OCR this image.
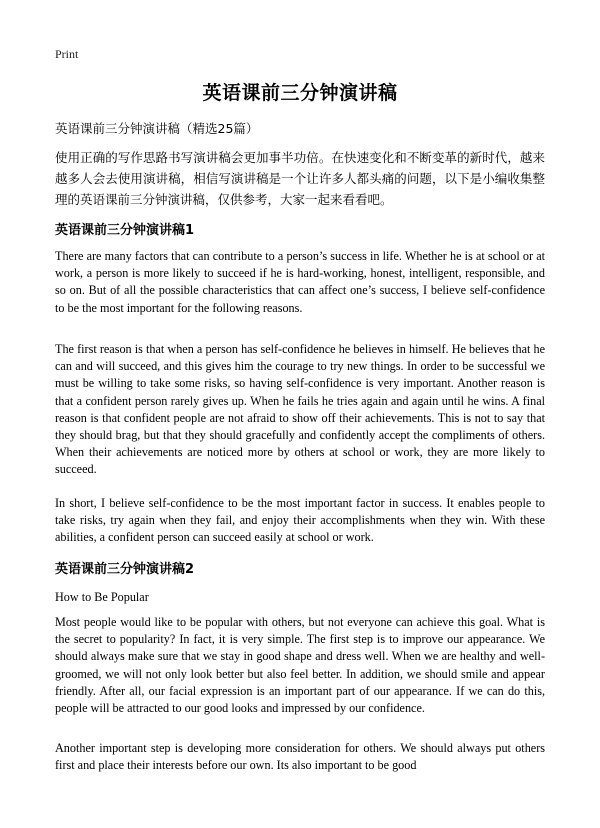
Print
英语课前三分钟演讲稿
英语课前三分钟演讲稿（精选25篇）
使用正确的写作思路书写演讲稿会更加事半功倍。在快速变化和不断变革的新时代，越来越多人会去使用演讲稿，相信写演讲稿是一个让许多人都头痛的问题，以下是小编收集整理的英语课前三分钟演讲稿，仅供参考，大家一起来看看吧。
英语课前三分钟演讲稿1

There are many factors that can contribute to a person’s success in life. Whether he is at school or at work, a person is more likely to succeed if he is hard-working, honest, intelligent, responsible, and so on. But of all the possible characteristics that can affect one’s success, I believe self-confidence to be the most important for the following reasons.

The first reason is that when a person has self-confidence he believes in himself. He believes that he can and will succeed, and this gives him the courage to try new things. In order to be successful we must be willing to take some risks, so having self-confidence is very important. Another reason is that a confident person rarely gives up. When he fails he tries again and again until he wins. A final reason is that confident people are not afraid to show off their achievements. This is not to say that they should brag, but that they should gracefully and confidently accept the compliments of others. When their achievements are noticed more by others at school or work, they are more likely to succeed.

In short, I believe self-confidence to be the most important factor in success. It enables people to take risks, try again when they fail, and enjoy their accomplishments when they win. With these abilities, a confident person can succeed easily at school or work.

英语课前三分钟演讲稿2

How to Be Popular

Most people would like to be popular with others, but not everyone can achieve this goal. What is the secret to popularity? In fact, it is very simple. The first step is to improve our appearance. We should always make sure that we stay in good shape and dress well. When we are healthy and well-groomed, we will not only look better but also feel better. In addition, we should smile and appear friendly. After all, our facial expression is an important part of our appearance. If we can do this, people will be attracted to our good looks and impressed by our confidence.

Another important step is developing more consideration for others. We should always put others first and place their interests before our own. Its also important to be good
